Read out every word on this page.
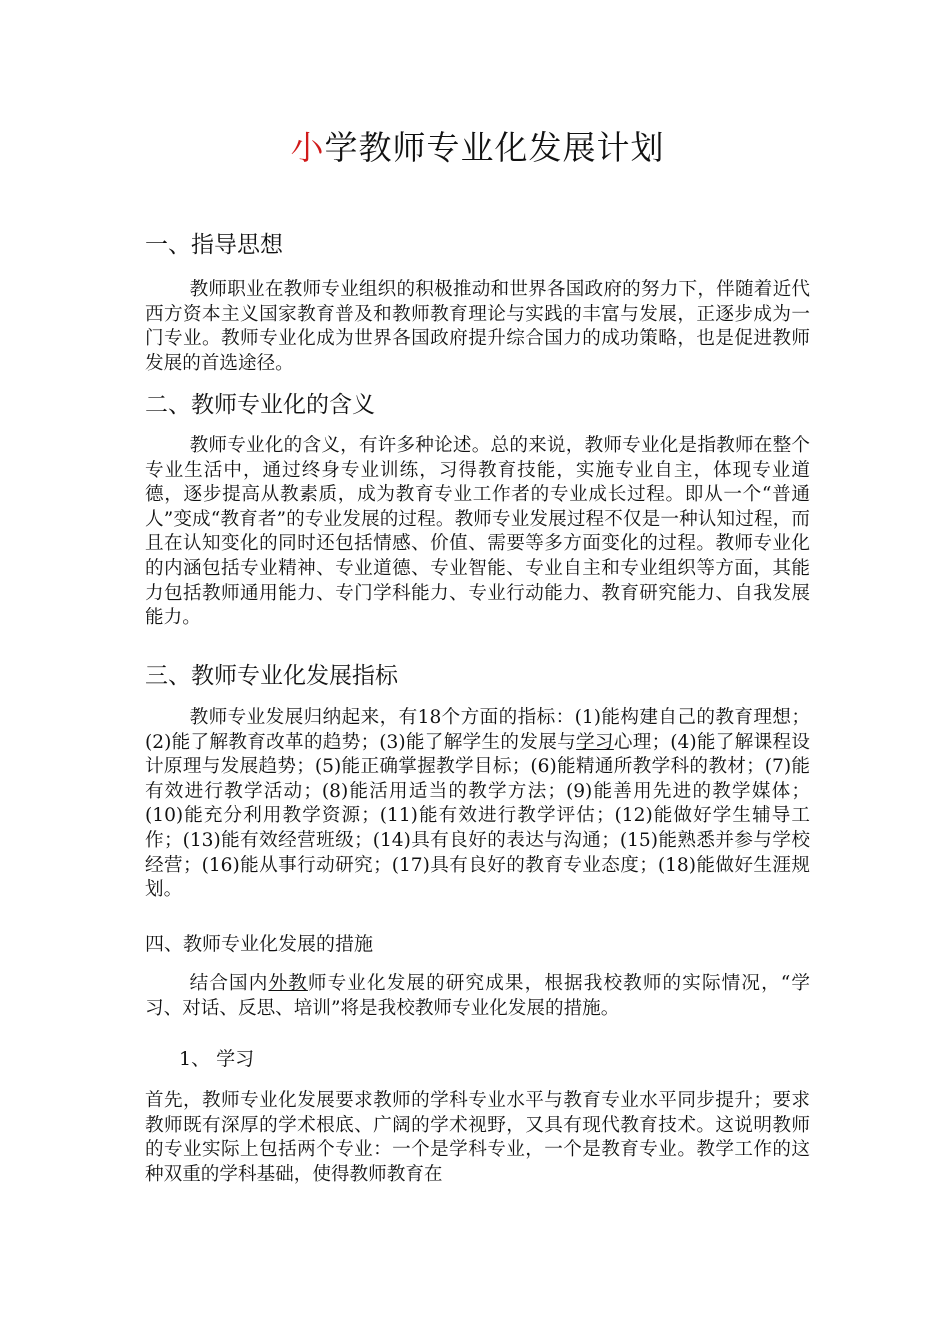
小学教师专业化发展计划
一、指导思想

教师职业在教师专业组织的积极推动和世界各国政府的努力下，伴随着近代西方资本主义国家教育普及和教师教育理论与实践的丰富与发展，正逐步成为一门专业。教师专业化成为世界各国政府提升综合国力的成功策略，也是促进教师发展的首选途径。

二、教师专业化的含义

教师专业化的含义，有许多种论述。总的来说，教师专业化是指教师在整个专业生活中，通过终身专业训练，习得教育技能，实施专业自主，体现专业道德，逐步提高从教素质，成为教育专业工作者的专业成长过程。即从一个“普通人”变成“教育者”的专业发展的过程。教师专业发展过程不仅是一种认知过程，而且在认知变化的同时还包括情感、价值、需要等多方面变化的过程。教师专业化的内涵包括专业精神、专业道德、专业智能、专业自主和专业组织等方面，其能力包括教师通用能力、专门学科能力、专业行动能力、教育研究能力、自我发展能力。

三、教师专业化发展指标

教师专业发展归纳起来，有18个方面的指标：(1)能构建自己的教育理想；(2)能了解教育改革的趋势；(3)能了解学生的发展与学习心理；(4)能了解课程设计原理与发展趋势；(5)能正确掌握教学目标；(6)能精通所教学科的教材；(7)能有效进行教学活动；(8)能活用适当的教学方法；(9)能善用先进的教学媒体；(10)能充分利用教学资源；(11)能有效进行教学评估；(12)能做好学生辅导工作；(13)能有效经营班级；(14)具有良好的表达与沟通；(15)能熟悉并参与学校经营；(16)能从事行动研究；(17)具有良好的教育专业态度；(18)能做好生涯规划。

四、教师专业化发展的措施

结合国内外教师专业化发展的研究成果，根据我校教师的实际情况，“学习、对话、反思、培训”将是我校教师专业化发展的措施。

1、 学习

首先，教师专业化发展要求教师的学科专业水平与教育专业水平同步提升；要求教师既有深厚的学术根底、广阔的学术视野，又具有现代教育技术。这说明教师的专业实际上包括两个专业：一个是学科专业，一个是教育专业。教学工作的这种双重的学科基础，使得教师教育在
